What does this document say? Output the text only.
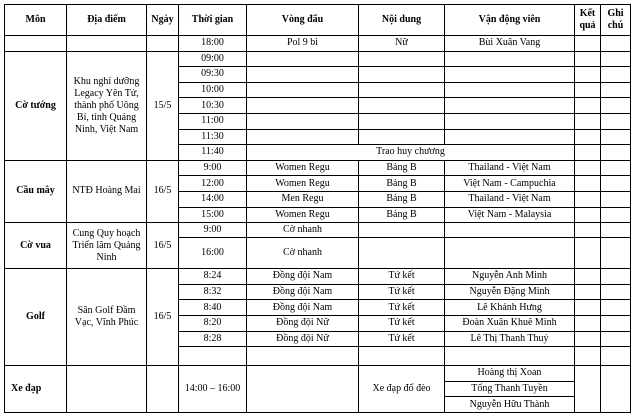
Môn	Địa điểm	Ngày	Thời gian	Vòng đấu	Nội dung	Vận động viên	Kết quả	Ghi chú
			18:00	Pol 9 bi	Nữ	Bùi Xuân Vang		
Cờ tướng	Khu nghỉ dưỡng Legacy Yên Tử, thành phố Uông Bí, tỉnh Quảng Ninh, Việt Nam	15/5	09:00					
			09:30					
			10:00					
			10:30					
			11:00					
			11:30					
			11:40	Trao huy chương				
Cầu mây	NTĐ Hoàng Mai	16/5	9:00	Women Regu	Bảng B	Thailand - Việt Nam		
			12:00	Women Regu	Bảng B	Việt Nam - Campuchia		
			14:00	Men Regu	Bảng B	Thailand - Việt Nam		
			15:00	Women Regu	Bảng B	Việt Nam - Malaysia		
Cờ vua	Cung Quy hoạch Triển lãm Quảng Ninh	16/5	9:00	Cờ nhanh				
			16:00	Cờ nhanh				
Golf	Sân Golf Đầm Vạc, Vĩnh Phúc	16/5	8:24	Đồng đội Nam	Tứ kết	Nguyễn Anh Minh		
			8:32	Đồng đội Nam	Tứ kết	Nguyễn Đặng Minh		
			8:40	Đồng đội Nam	Tứ kết	Lê Khánh Hưng		
			8:20	Đồng đội Nữ	Tứ kết	Đoàn Xuân Khuê Minh		
			8:28	Đồng đội Nữ	Tứ kết	Lê Thị Thanh Thuý		

Xe đạp			14:00 – 16:00		Xe đạp đổ đèo	Hoàng thị Xoan		
						Tống Thanh Tuyền		
						Nguyễn Hữu Thành		
